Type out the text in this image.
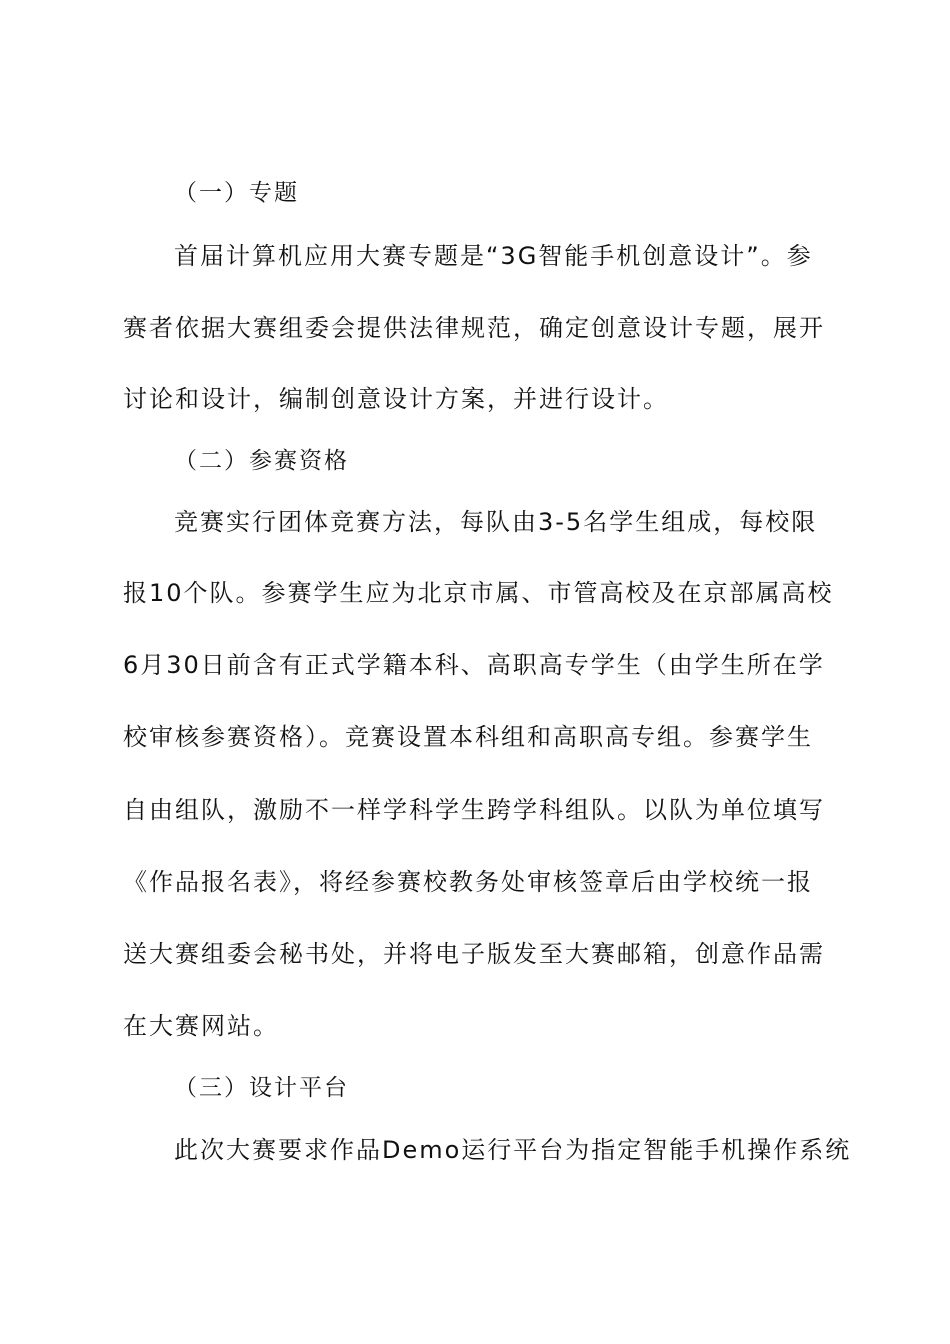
（一）专题
首届计算机应用大赛专题是“3G智能手机创意设计”。参
赛者依据大赛组委会提供法律规范，确定创意设计专题，展开
讨论和设计，编制创意设计方案，并进行设计。
（二）参赛资格
竞赛实行团体竞赛方法，每队由3-5名学生组成，每校限
报10个队。参赛学生应为北京市属、市管高校及在京部属高校
6月30日前含有正式学籍本科、高职高专学生（由学生所在学
校审核参赛资格）。竞赛设置本科组和高职高专组。参赛学生
自由组队，激励不一样学科学生跨学科组队。以队为单位填写
《作品报名表》，将经参赛校教务处审核签章后由学校统一报
送大赛组委会秘书处，并将电子版发至大赛邮箱，创意作品需
在大赛网站。
（三）设计平台
此次大赛要求作品Demo运行平台为指定智能手机操作系统
